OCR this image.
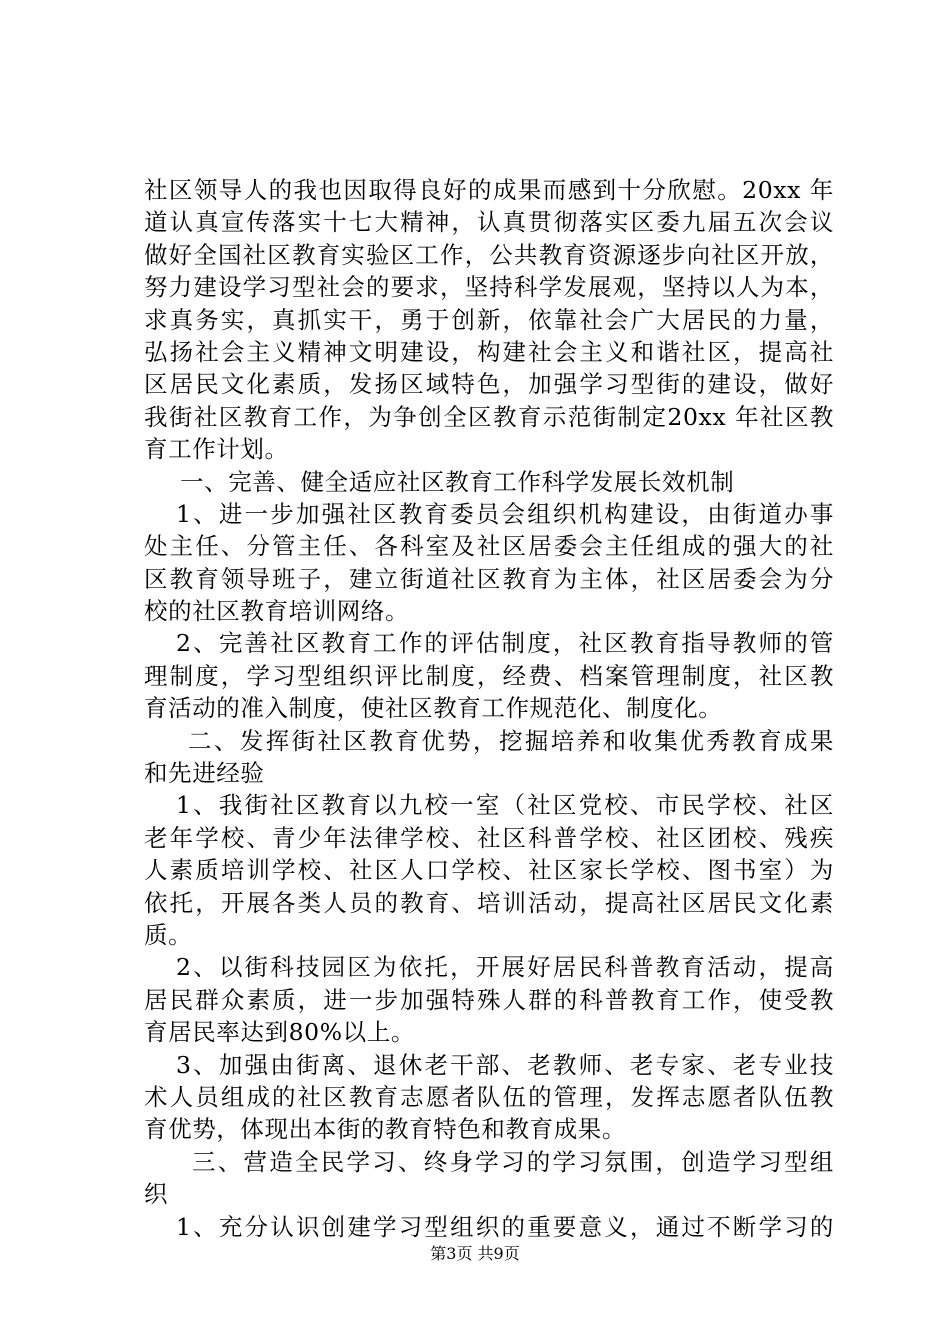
社区领导人的我也因取得良好的成果而感到十分欣慰。20xx 年
道认真宣传落实十七大精神，认真贯彻落实区委九届五次会议
做好全国社区教育实验区工作，公共教育资源逐步向社区开放，
努力建设学习型社会的要求，坚持科学发展观，坚持以人为本，
求真务实，真抓实干，勇于创新，依靠社会广大居民的力量，
弘扬社会主义精神文明建设，构建社会主义和谐社区，提高社
区居民文化素质，发扬区域特色，加强学习型街的建设，做好
我街社区教育工作，为争创全区教育示范街制定20xx 年社区教
育工作计划。
一、完善、健全适应社区教育工作科学发展长效机制
1、进一步加强社区教育委员会组织机构建设，由街道办事
处主任、分管主任、各科室及社区居委会主任组成的强大的社
区教育领导班子，建立街道社区教育为主体，社区居委会为分
校的社区教育培训网络。
2、完善社区教育工作的评估制度，社区教育指导教师的管
理制度，学习型组织评比制度，经费、档案管理制度，社区教
育活动的准入制度，使社区教育工作规范化、制度化。
二、发挥街社区教育优势，挖掘培养和收集优秀教育成果
和先进经验
1、我街社区教育以九校一室（社区党校、市民学校、社区
老年学校、青少年法律学校、社区科普学校、社区团校、残疾
人素质培训学校、社区人口学校、社区家长学校、图书室）为
依托，开展各类人员的教育、培训活动，提高社区居民文化素
质。
2、以街科技园区为依托，开展好居民科普教育活动，提高
居民群众素质，进一步加强特殊人群的科普教育工作，使受教
育居民率达到80%以上。
3、加强由街离、退休老干部、老教师、老专家、老专业技
术人员组成的社区教育志愿者队伍的管理，发挥志愿者队伍教
育优势，体现出本街的教育特色和教育成果。
三、营造全民学习、终身学习的学习氛围，创造学习型组
织
1、充分认识创建学习型组织的重要意义，通过不断学习的
第3页 共9页
